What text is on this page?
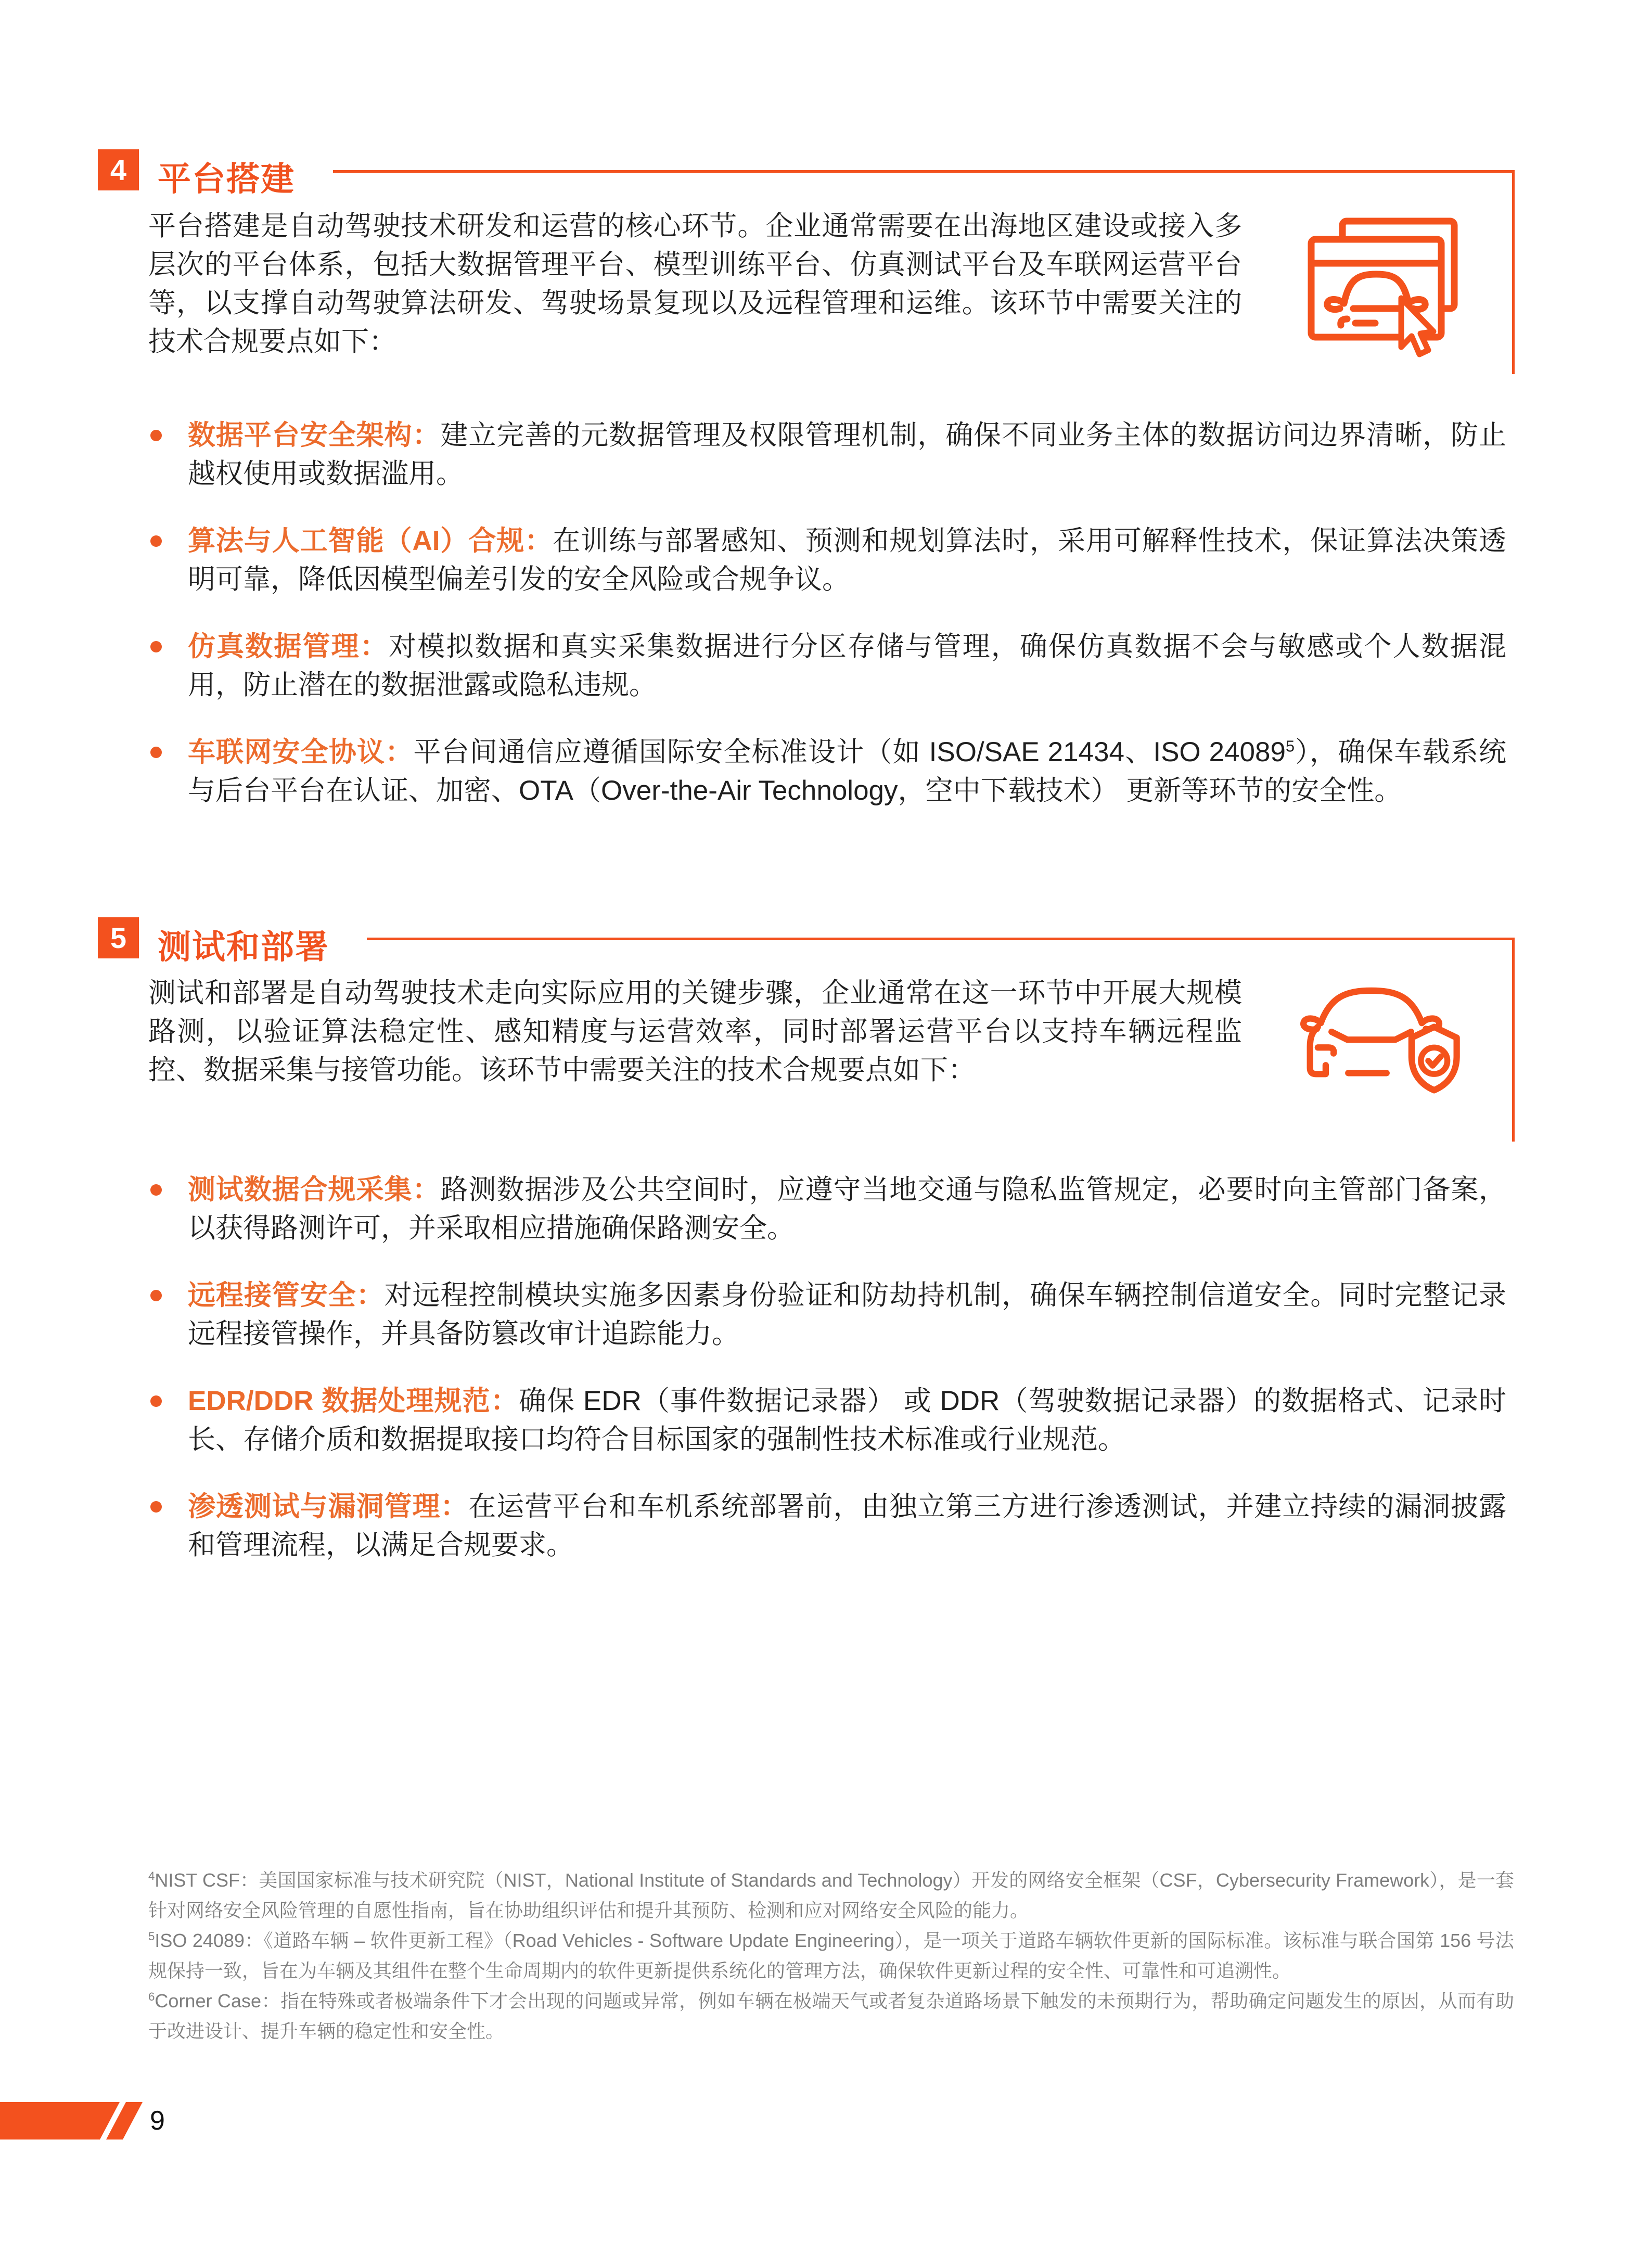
4 平台搭建
平台搭建是自动驾驶技术研发和运营的核心环节。企业通常需要在出海地区建设或接入多层次的平台体系，包括大数据管理平台、模型训练平台、仿真测试平台及车联网运营平台等，以支撑自动驾驶算法研发、驾驶场景复现以及远程管理和运维。该环节中需要关注的技术合规要点如下：
数据平台安全架构：建立完善的元数据管理及权限管理机制，确保不同业务主体的数据访问边界清晰，防止越权使用或数据滥用。
算法与人工智能（AI）合规：在训练与部署感知、预测和规划算法时，采用可解释性技术，保证算法决策透明可靠，降低因模型偏差引发的安全风险或合规争议。
仿真数据管理：对模拟数据和真实采集数据进行分区存储与管理，确保仿真数据不会与敏感或个人数据混用，防止潜在的数据泄露或隐私违规。
车联网安全协议：平台间通信应遵循国际安全标准设计（如 ISO/SAE 21434、ISO 24089$^5$），确保车载系统与后台平台在认证、加密、OTA（Over-the-Air Technology，空中下载技术） 更新等环节的安全性。
5 测试和部署
测试和部署是自动驾驶技术走向实际应用的关键步骤，企业通常在这一环节中开展大规模路测，以验证算法稳定性、感知精度与运营效率，同时部署运营平台以支持车辆远程监控、数据采集与接管功能。该环节中需要关注的技术合规要点如下：
测试数据合规采集：路测数据涉及公共空间时，应遵守当地交通与隐私监管规定，必要时向主管部门备案，以获得路测许可，并采取相应措施确保路测安全。
远程接管安全：对远程控制模块实施多因素身份验证和防劫持机制，确保车辆控制信道安全。同时完整记录远程接管操作，并具备防篡改审计追踪能力。
EDR/DDR 数据处理规范：确保 EDR（事件数据记录器） 或 DDR（驾驶数据记录器）的数据格式、记录时长、存储介质和数据提取接口均符合目标国家的强制性技术标准或行业规范。
渗透测试与漏洞管理：在运营平台和车机系统部署前，由独立第三方进行渗透测试，并建立持续的漏洞披露和管理流程，以满足合规要求。

$^4$NIST CSF：美国国家标准与技术研究院（NIST，National Institute of Standards and Technology）开发的网络安全框架（CSF，Cybersecurity Framework），是一套针对网络安全风险管理的自愿性指南，旨在协助组织评估和提升其预防、检测和应对网络安全风险的能力。

$^5$ISO 24089：《道路车辆 – 软件更新工程》（Road Vehicles - Software Update Engineering），是一项关于道路车辆软件更新的国际标准。该标准与联合国第 156 号法规保持一致，旨在为车辆及其组件在整个生命周期内的软件更新提供系统化的管理方法，确保软件更新过程的安全性、可靠性和可追溯性。

$^6$Corner Case：指在特殊或者极端条件下才会出现的问题或异常，例如车辆在极端天气或者复杂道路场景下触发的未预期行为，帮助确定问题发生的原因，从而有助于改进设计、提升车辆的稳定性和安全性。

9
